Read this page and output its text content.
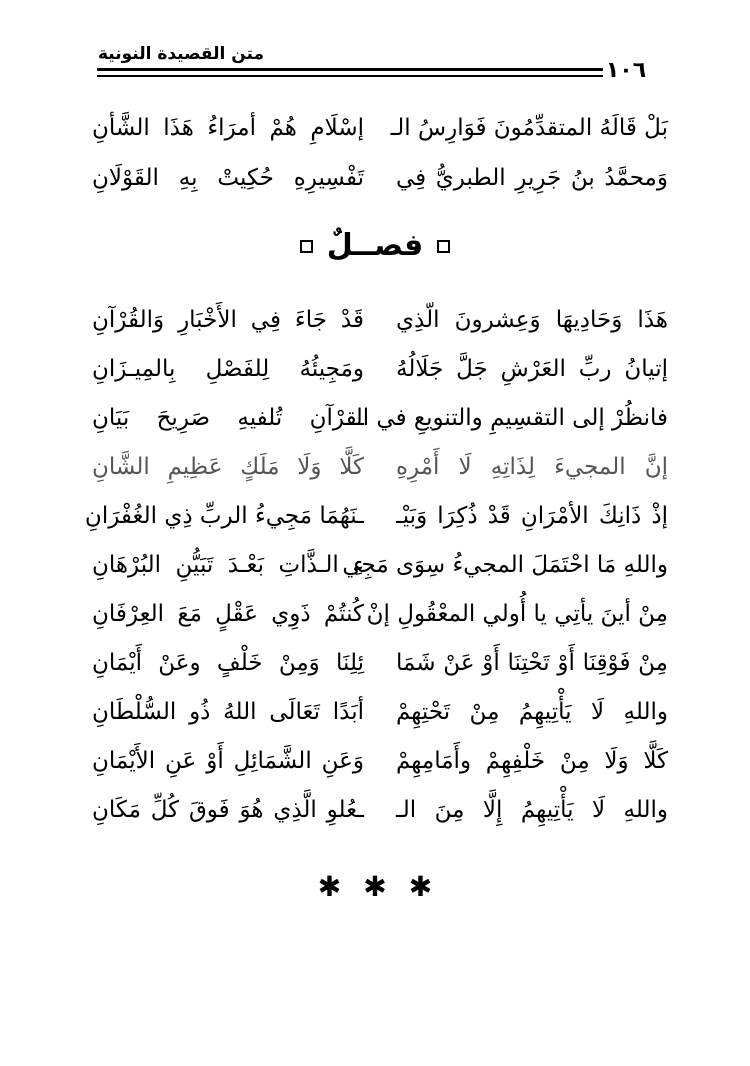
متن القصيدة النونية
١٠٦
بَلْ قَالَهُ المتقدِّمُونَ فَوَارِسُ الـ
إسْلَامِ هُمْ أمرَاءُ هَذَا الشَّأنِ
وَمحمَّدُ بنُ جَرِيرِ الطبريُّ فِي
تَفْسِيرِهِ حُكِيتْ بِهِ القَوْلَانِ
فصــلٌ
هَذَا وَحَادِيهَا وَعِشرونَ الّذِي
قَدْ جَاءَ فِي الأَخْبَارِ وَالقُرْآنِ
إتيانُ ربِّ العَرْشِ جَلَّ جَلَالُهُ
ومَجِيئُهُ لِلفَصْلِ بِالمِيـزَانِ
فانظُرْ إلى التقسِيمِ والتنويعِ في الـ
ـقرْآنِ تُلفيهِ صَرِيحَ بَيَانِ
إنَّ المجيءَ لِذَاتِهِ لَا أَمْرِهِ
كَلَّا وَلَا مَلَكٍ عَظِيمِ الشَّانِ
إذْ ذَانِكَ الأمْرَانِ قَدْ ذُكِرَا وَبَيْـ
ـنَهُمَا مَجِيءُ الربِّ ذِي الغُفْرَانِ
واللهِ مَا احْتَمَلَ المجيءُ سِوَى مَجِي
ءِ الـذَّاتِ بَعْـدَ تَبَيُّنِ البُرْهَانِ
مِنْ أينَ يأتِي يا أُولي المعْقُولِ إنْ
كُنتُمْ ذَوِي عَقْلٍ مَعَ العِرْفَانِ
مِنْ فَوْقِنَا أَوْ تَحْتِنَا أَوْ عَنْ شَمَا
ئِلِنَا وَمِنْ خَلْفٍ وعَنْ أَيْمَانِ
واللهِ لَا يَأْتِيهِمُ مِنْ تَحْتِهِمْ
أبَدًا تَعَالَى اللهُ ذُو السُّلْطَانِ
كَلَّا وَلَا مِنْ خَلْفِهِمْ وأَمَامِهِمْ
وَعَنِ الشَّمَائِلِ أَوْ عَنِ الأَيْمَانِ
واللهِ لَا يَأْتِيهِمُ إِلَّا مِنَ الـ
ـعُلوِ الَّذِي هُوَ فَوقَ كُلِّ مَكَانِ
✱ ✱ ✱
